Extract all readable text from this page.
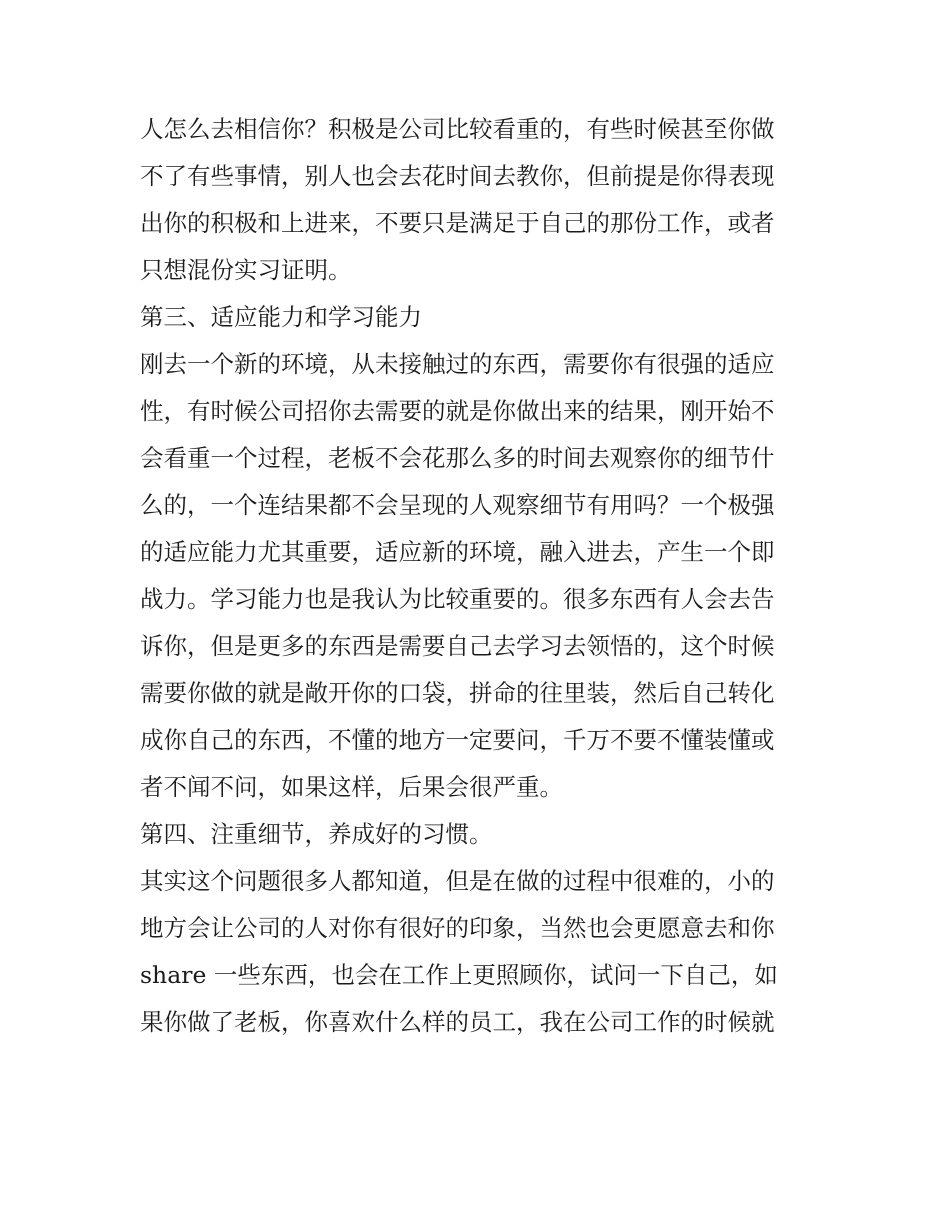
人怎么去相信你？积极是公司比较看重的，有些时候甚至你做
不了有些事情，别人也会去花时间去教你，但前提是你得表现
出你的积极和上进来，不要只是满足于自己的那份工作，或者
只想混份实习证明。
第三、适应能力和学习能力
刚去一个新的环境，从未接触过的东西，需要你有很强的适应
性，有时候公司招你去需要的就是你做出来的结果，刚开始不
会看重一个过程，老板不会花那么多的时间去观察你的细节什
么的，一个连结果都不会呈现的人观察细节有用吗？一个极强
的适应能力尤其重要，适应新的环境，融入进去，产生一个即
战力。学习能力也是我认为比较重要的。很多东西有人会去告
诉你，但是更多的东西是需要自己去学习去领悟的，这个时候
需要你做的就是敞开你的口袋，拼命的往里装，然后自己转化
成你自己的东西，不懂的地方一定要问，千万不要不懂装懂或
者不闻不问，如果这样，后果会很严重。
第四、注重细节，养成好的习惯。
其实这个问题很多人都知道，但是在做的过程中很难的，小的
地方会让公司的人对你有很好的印象，当然也会更愿意去和你
share 一些东西，也会在工作上更照顾你，试问一下自己，如
果你做了老板，你喜欢什么样的员工，我在公司工作的时候就
